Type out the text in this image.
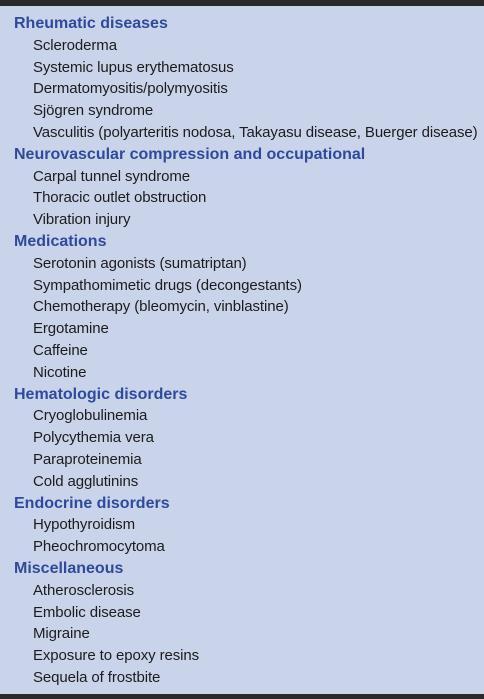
Rheumatic diseases
Scleroderma
Systemic lupus erythematosus
Dermatomyositis/polymyositis
Sjögren syndrome
Vasculitis (polyarteritis nodosa, Takayasu disease, Buerger disease)
Neurovascular compression and occupational
Carpal tunnel syndrome
Thoracic outlet obstruction
Vibration injury
Medications
Serotonin agonists (sumatriptan)
Sympathomimetic drugs (decongestants)
Chemotherapy (bleomycin, vinblastine)
Ergotamine
Caffeine
Nicotine
Hematologic disorders
Cryoglobulinemia
Polycythemia vera
Paraproteinemia
Cold agglutinins
Endocrine disorders
Hypothyroidism
Pheochromocytoma
Miscellaneous
Atherosclerosis
Embolic disease
Migraine
Exposure to epoxy resins
Sequela of frostbite
